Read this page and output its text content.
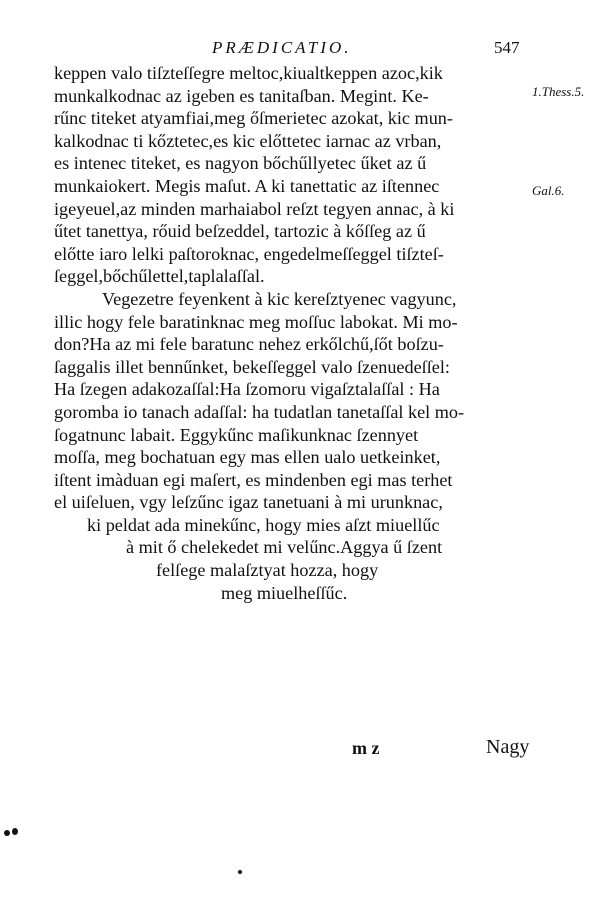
PRÆDICATIO.	547
1.Thess.5.
Gal.6.
keppen valo tiſzteſſegre meltoc,kiualtkeppen azoc,kik
munkalkodnac az igeben es tanitaſban. Megint. Ke-
rűnc titeket atyamfiai,meg őſmerietec azokat, kic mun-
kalkodnac ti kőztetec,es kic előttetec iarnac az vrban,
es intenec titeket, es nagyon bőchűllyetec űket az ű
munkaiokert. Megis maſut. A ki tanettatic az iſtennec
igeyeuel,az minden marhaiabol reſzt tegyen annac, à ki
űtet tanettya, rőuid beſzeddel, tartozic à kőſſeg az ű
előtte iaro lelki paſtoroknac, engedelmeſſeggel tiſzteſ-
ſeggel,bőchűlettel,taplalaſſal.
Vegezetre feyenkent à kic kereſztyenec vagyunc,
illic hogy fele baratinknac meg moſſuc labokat. Mi mo-
don?Ha az mi fele baratunc nehez erkőlchű,ſőt boſzu-
ſaggalis illet bennűnket, bekeſſeggel valo ſzenuedeſſel:
Ha ſzegen adakozaſſal:Ha ſzomoru vigaſztalaſſal : Ha
goromba io tanach adaſſal: ha tudatlan tanetaſſal kel mo-
ſogatnunc labait. Eggykűnc maſikunknac ſzennyet
moſſa, meg bochatuan egy mas ellen ualo uetkeinket,
iſtent imàduan egi maſert, es mindenben egi mas terhet
el uiſeluen, vgy leſzűnc igaz tanetuani à mi urunknac,
ki peldat ada minekűnc, hogy mies aſzt miuellűc
à mit ő chelekedet mi velűnc.Aggya ű ſzent
felſege malaſztyat hozza, hogy
meg miuelheſſűc.
m z	Nagy
